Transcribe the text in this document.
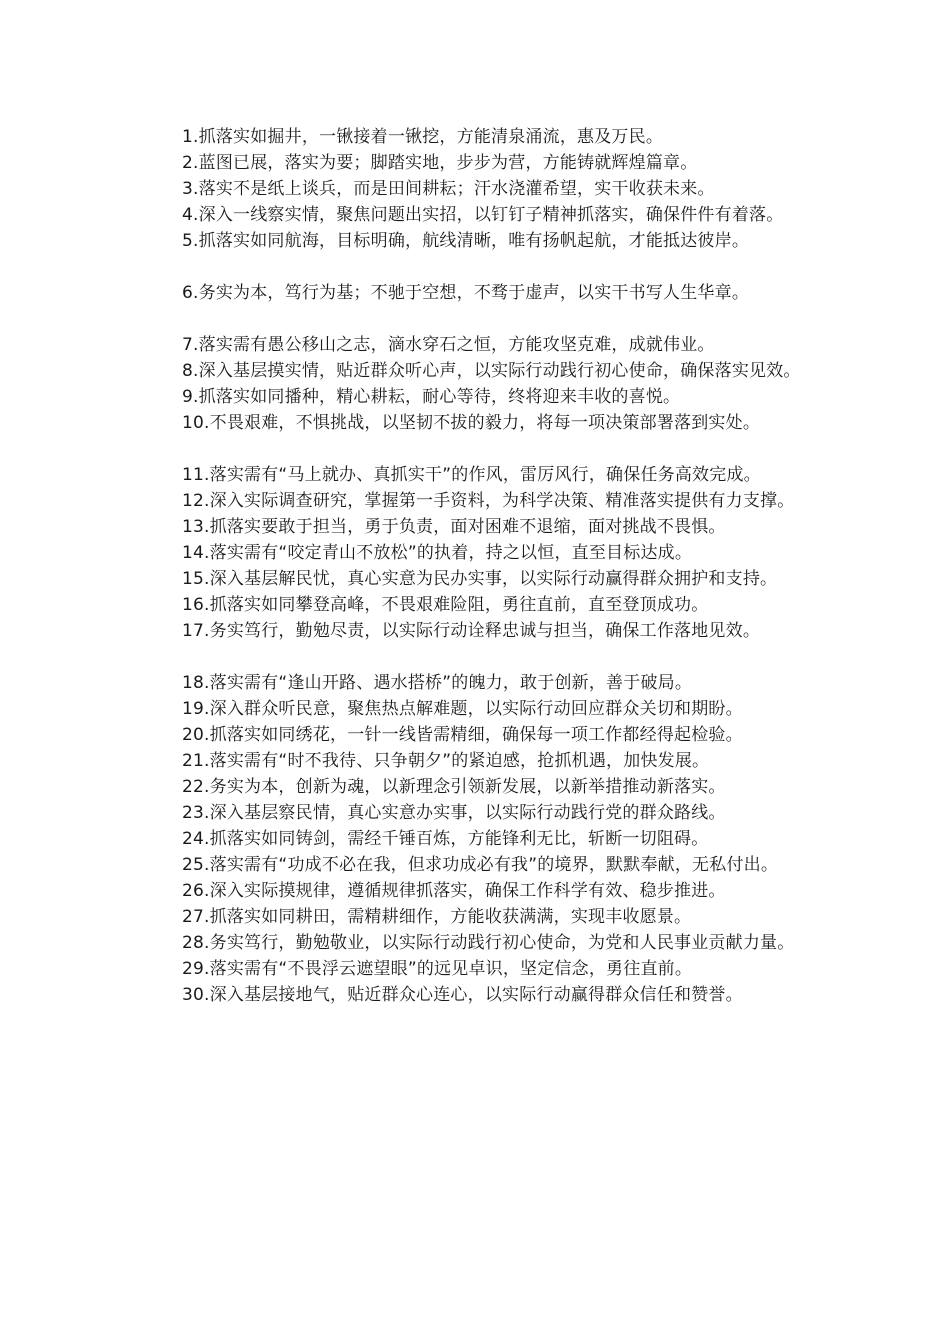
1.抓落实如掘井，一锹接着一锹挖，方能清泉涌流，惠及万民。

2.蓝图已展，落实为要；脚踏实地，步步为营，方能铸就辉煌篇章。

3.落实不是纸上谈兵，而是田间耕耘；汗水浇灌希望，实干收获未来。

4.深入一线察实情，聚焦问题出实招，以钉钉子精神抓落实，确保件件有着落。

5.抓落实如同航海，目标明确，航线清晰，唯有扬帆起航，才能抵达彼岸。

6.务实为本，笃行为基；不驰于空想，不骛于虚声，以实干书写人生华章。

7.落实需有愚公移山之志，滴水穿石之恒，方能攻坚克难，成就伟业。

8.深入基层摸实情，贴近群众听心声，以实际行动践行初心使命，确保落实见效。

9.抓落实如同播种，精心耕耘，耐心等待，终将迎来丰收的喜悦。

10.不畏艰难，不惧挑战，以坚韧不拔的毅力，将每一项决策部署落到实处。

11.落实需有“马上就办、真抓实干”的作风，雷厉风行，确保任务高效完成。

12.深入实际调查研究，掌握第一手资料，为科学决策、精准落实提供有力支撑。

13.抓落实要敢于担当，勇于负责，面对困难不退缩，面对挑战不畏惧。

14.落实需有“咬定青山不放松”的执着，持之以恒，直至目标达成。

15.深入基层解民忧，真心实意为民办实事，以实际行动赢得群众拥护和支持。

16.抓落实如同攀登高峰，不畏艰难险阻，勇往直前，直至登顶成功。

17.务实笃行，勤勉尽责，以实际行动诠释忠诚与担当，确保工作落地见效。

18.落实需有“逢山开路、遇水搭桥”的魄力，敢于创新，善于破局。

19.深入群众听民意，聚焦热点解难题，以实际行动回应群众关切和期盼。

20.抓落实如同绣花，一针一线皆需精细，确保每一项工作都经得起检验。

21.落实需有“时不我待、只争朝夕”的紧迫感，抢抓机遇，加快发展。

22.务实为本，创新为魂，以新理念引领新发展，以新举措推动新落实。

23.深入基层察民情，真心实意办实事，以实际行动践行党的群众路线。

24.抓落实如同铸剑，需经千锤百炼，方能锋利无比，斩断一切阻碍。

25.落实需有“功成不必在我，但求功成必有我”的境界，默默奉献，无私付出。

26.深入实际摸规律，遵循规律抓落实，确保工作科学有效、稳步推进。

27.抓落实如同耕田，需精耕细作，方能收获满满，实现丰收愿景。

28.务实笃行，勤勉敬业，以实际行动践行初心使命，为党和人民事业贡献力量。

29.落实需有“不畏浮云遮望眼”的远见卓识，坚定信念，勇往直前。

30.深入基层接地气，贴近群众心连心，以实际行动赢得群众信任和赞誉。
